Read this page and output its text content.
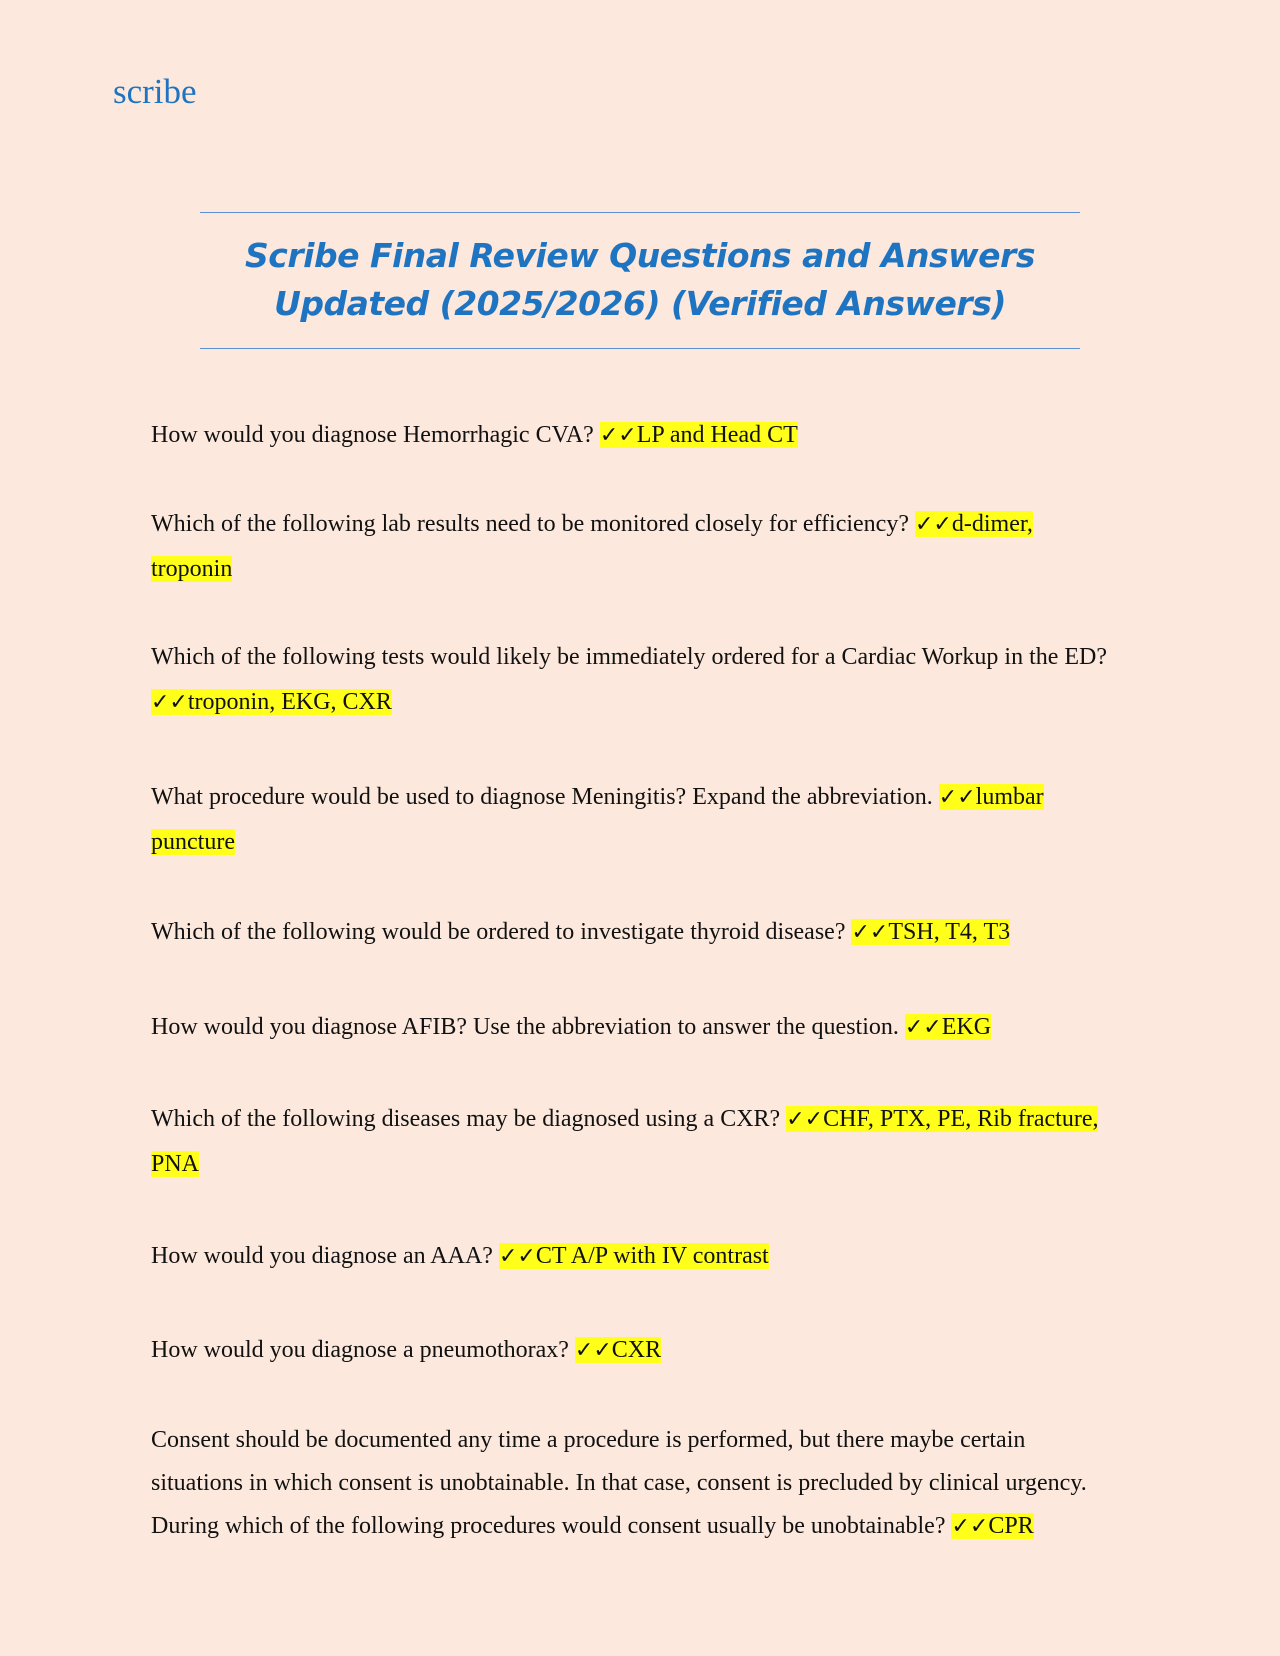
scribe
Scribe Final Review Questions and Answers
Updated (2025/2026) (Verified Answers)

How would you diagnose Hemorrhagic CVA? ✓✓LP and Head CT

Which of the following lab results need to be monitored closely for efficiency? ✓✓d-dimer, troponin

Which of the following tests would likely be immediately ordered for a Cardiac Workup in the ED? ✓✓troponin, EKG, CXR

What procedure would be used to diagnose Meningitis? Expand the abbreviation. ✓✓lumbar puncture

Which of the following would be ordered to investigate thyroid disease? ✓✓TSH, T4, T3

How would you diagnose AFIB? Use the abbreviation to answer the question. ✓✓EKG

Which of the following diseases may be diagnosed using a CXR? ✓✓CHF, PTX, PE, Rib fracture, PNA

How would you diagnose an AAA? ✓✓CT A/P with IV contrast

How would you diagnose a pneumothorax? ✓✓CXR

Consent should be documented any time a procedure is performed, but there maybe certain situations in which consent is unobtainable. In that case, consent is precluded by clinical urgency. During which of the following procedures would consent usually be unobtainable? ✓✓CPR
